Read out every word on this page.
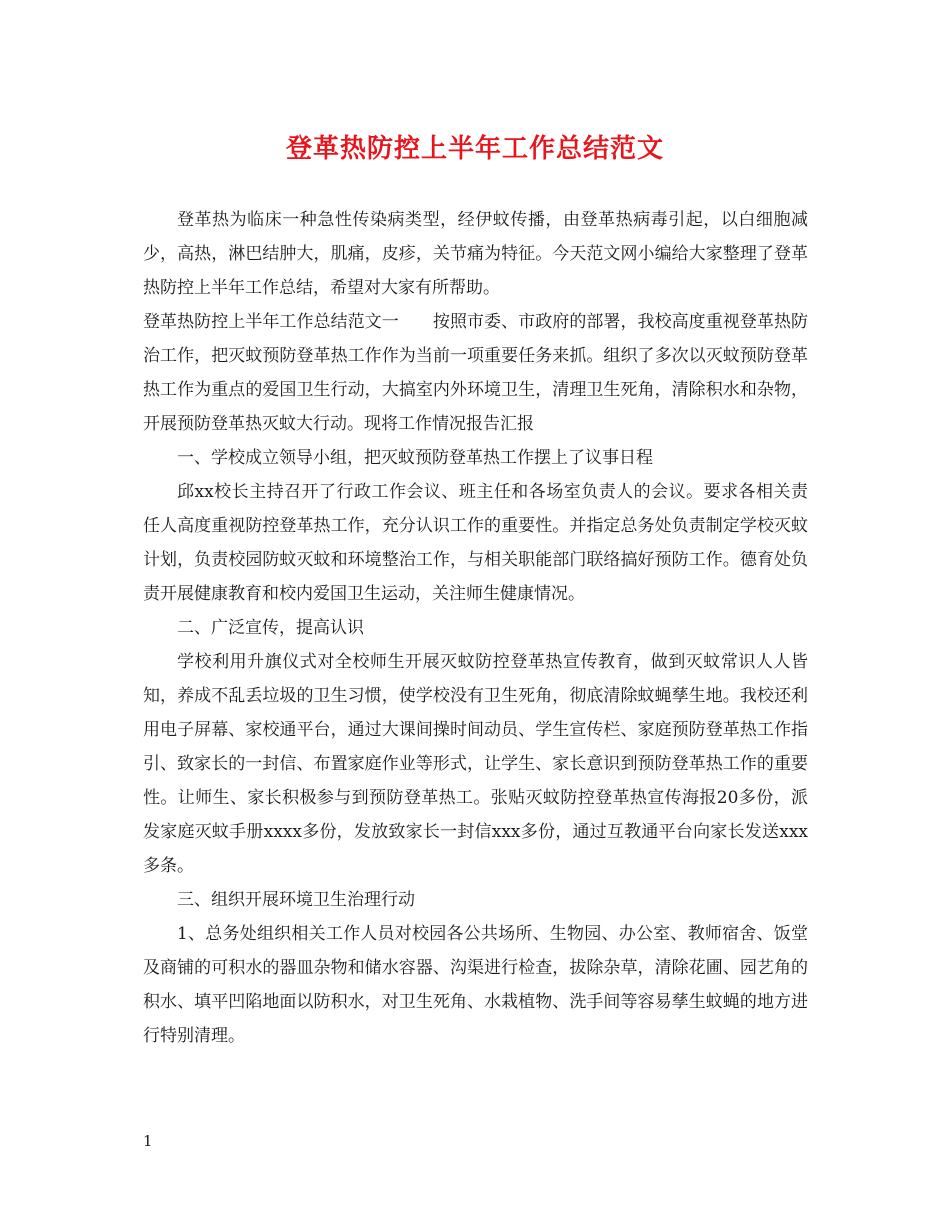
登革热防控上半年工作总结范文

登革热为临床一种急性传染病类型，经伊蚊传播，由登革热病毒引起，以白细胞减少，高热，淋巴结肿大，肌痛，皮疹，关节痛为特征。今天范文网小编给大家整理了登革热防控上半年工作总结，希望对大家有所帮助。

登革热防控上半年工作总结范文一　　按照市委、市政府的部署，我校高度重视登革热防治工作，把灭蚊预防登革热工作作为当前一项重要任务来抓。组织了多次以灭蚊预防登革热工作为重点的爱国卫生行动，大搞室内外环境卫生，清理卫生死角，清除积水和杂物，开展预防登革热灭蚊大行动。现将工作情况报告汇报

一、学校成立领导小组，把灭蚊预防登革热工作摆上了议事日程

邱xx校长主持召开了行政工作会议、班主任和各场室负责人的会议。要求各相关责任人高度重视防控登革热工作，充分认识工作的重要性。并指定总务处负责制定学校灭蚊计划，负责校园防蚊灭蚊和环境整治工作，与相关职能部门联络搞好预防工作。德育处负责开展健康教育和校内爱国卫生运动，关注师生健康情况。

二、广泛宣传，提高认识

学校利用升旗仪式对全校师生开展灭蚊防控登革热宣传教育，做到灭蚊常识人人皆知，养成不乱丢垃圾的卫生习惯，使学校没有卫生死角，彻底清除蚊蝇孳生地。我校还利用电子屏幕、家校通平台，通过大课间操时间动员、学生宣传栏、家庭预防登革热工作指引、致家长的一封信、布置家庭作业等形式，让学生、家长意识到预防登革热工作的重要性。让师生、家长积极参与到预防登革热工。张贴灭蚊防控登革热宣传海报20多份，派发家庭灭蚊手册xxxx多份，发放致家长一封信xxx多份，通过互教通平台向家长发送xxx多条。

三、组织开展环境卫生治理行动

1、总务处组织相关工作人员对校园各公共场所、生物园、办公室、教师宿舍、饭堂及商铺的可积水的器皿杂物和储水容器、沟渠进行检查，拔除杂草，清除花圃、园艺角的积水、填平凹陷地面以防积水，对卫生死角、水栽植物、洗手间等容易孳生蚊蝇的地方进行特别清理。

1
